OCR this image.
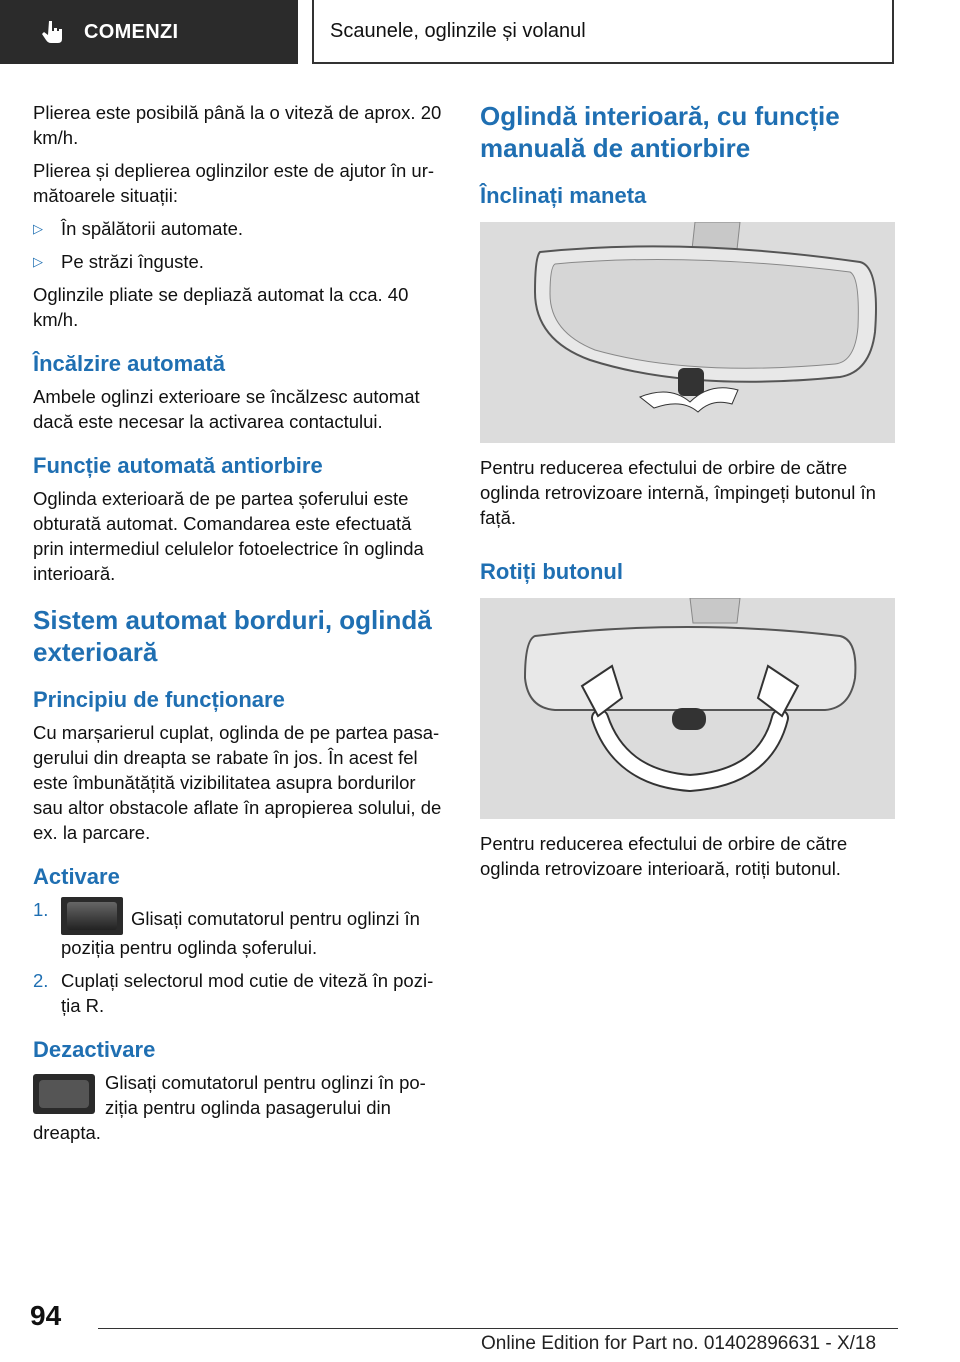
COMENZI	Scaunele, oglinzile și volanul

Plierea este posibilă până la o viteză de aprox. 20 km/h.

Plierea și deplierea oglinzilor este de ajutor în ur-mătoarele situații:

▷ În spălătorii automate.
▷ Pe străzi înguste.

Oglinzile pliate se depliază automat la cca. 40 km/h.

Încălzire automată

Ambele oglinzi exterioare se încălzesc automat dacă este necesar la activarea contactului.

Funcție automată antiorbire

Oglinda exterioară de pe partea șoferului este obturată automat. Comandarea este efectuată prin intermediul celulelor fotoelectrice în oglinda interioară.

Sistem automat borduri, oglindă exterioară
Principiu de funcționare

Cu marșarierul cuplat, oglinda de pe partea pasa-gerului din dreapta se rabate în jos. În acest fel este îmbunătățită vizibilitatea asupra bordurilor sau altor obstacole aflate în apropierea solului, de ex. la parcare.

Activare
1.	Glisați comutatorul pentru oglinzi în poziția pentru oglinda șoferului.
2. Cuplați selectorul mod cutie de viteză în pozi-ția R.
Dezactivare

Glisați comutatorul pentru oglinzi în po-ziția pentru oglinda pasagerului din dreapta.

Oglindă interioară, cu funcție manuală de antiorbire
Înclinați maneta

Pentru reducerea efectului de orbire de către oglinda retrovizoare internă, împingeți butonul în față.

Rotiți butonul

Pentru reducerea efectului de orbire de către oglinda retrovizoare interioară, rotiți butonul.

94
Online Edition for Part no. 01402896631 - X/18
